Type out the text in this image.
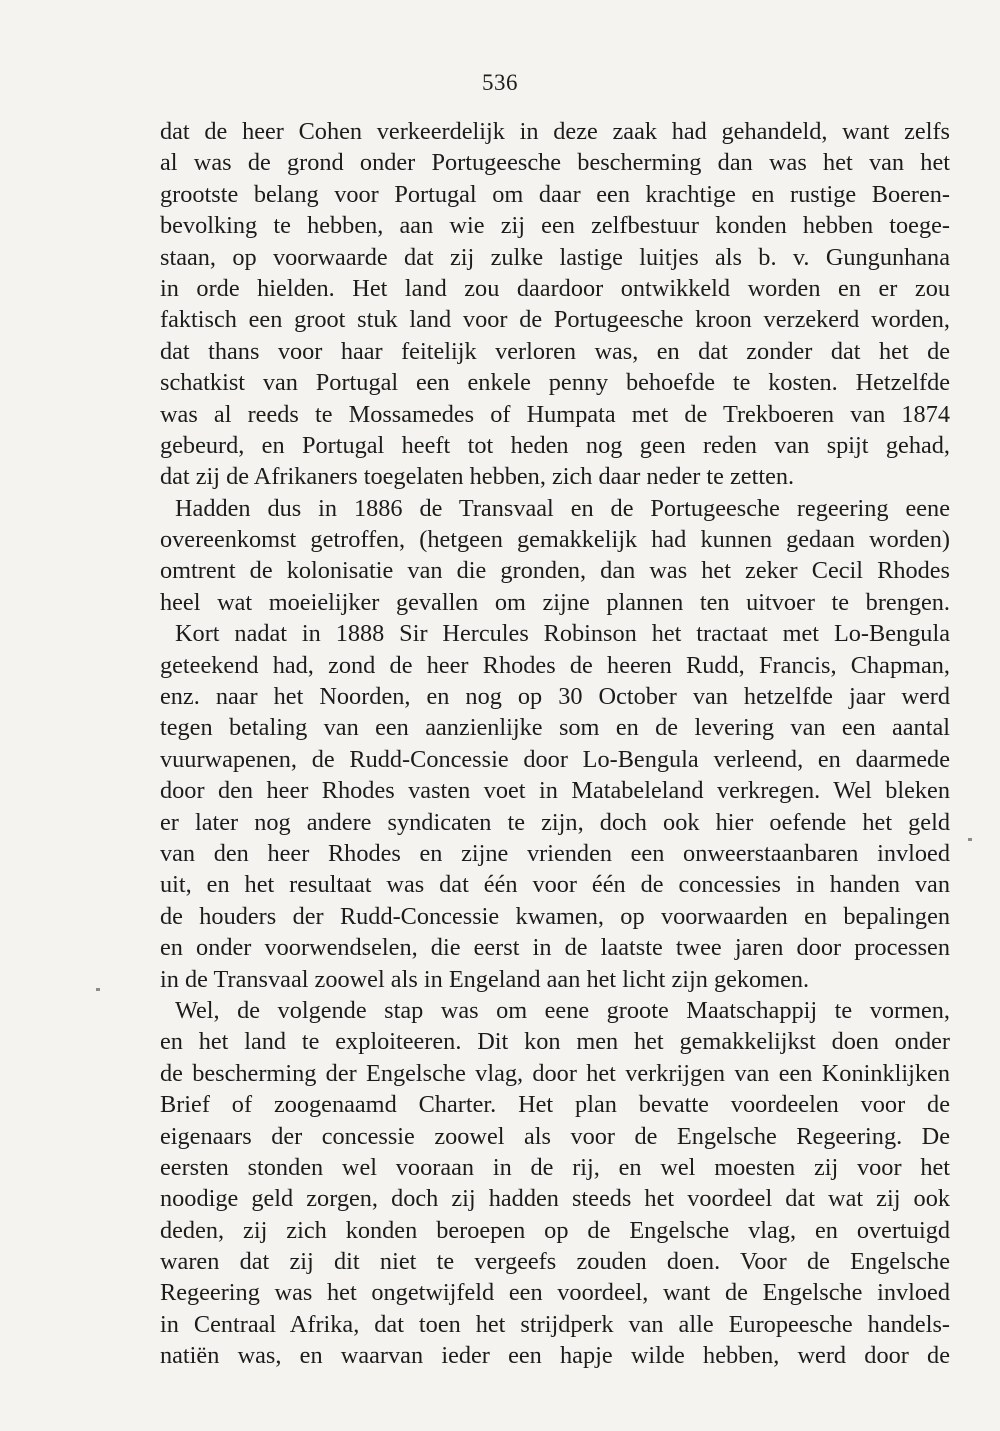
536
dat de heer Cohen verkeerdelijk in deze zaak had gehandeld, want zelfs
al was de grond onder Portugeesche bescherming dan was het van het
grootste belang voor Portugal om daar een krachtige en rustige Boeren-
bevolking te hebben, aan wie zij een zelfbestuur konden hebben toege-
staan, op voorwaarde dat zij zulke lastige luitjes als b. v. Gungunhana
in orde hielden. Het land zou daardoor ontwikkeld worden en er zou
faktisch een groot stuk land voor de Portugeesche kroon verzekerd worden,
dat thans voor haar feitelijk verloren was, en dat zonder dat het de
schatkist van Portugal een enkele penny behoefde te kosten. Hetzelfde
was al reeds te Mossamedes of Humpata met de Trekboeren van 1874
gebeurd, en Portugal heeft tot heden nog geen reden van spijt gehad,
dat zij de Afrikaners toegelaten hebben, zich daar neder te zetten.
Hadden dus in 1886 de Transvaal en de Portugeesche regeering eene
overeenkomst getroffen, (hetgeen gemakkelijk had kunnen gedaan worden)
omtrent de kolonisatie van die gronden, dan was het zeker Cecil Rhodes
heel wat moeielijker gevallen om zijne plannen ten uitvoer te brengen.
Kort nadat in 1888 Sir Hercules Robinson het tractaat met Lo-Bengula
geteekend had, zond de heer Rhodes de heeren Rudd, Francis, Chapman,
enz. naar het Noorden, en nog op 30 October van hetzelfde jaar werd
tegen betaling van een aanzienlijke som en de levering van een aantal
vuurwapenen, de Rudd-Concessie door Lo-Bengula verleend, en daarmede
door den heer Rhodes vasten voet in Matabeleland verkregen. Wel bleken
er later nog andere syndicaten te zijn, doch ook hier oefende het geld
van den heer Rhodes en zijne vrienden een onweerstaanbaren invloed
uit, en het resultaat was dat één voor één de concessies in handen van
de houders der Rudd-Concessie kwamen, op voorwaarden en bepalingen
en onder voorwendselen, die eerst in de laatste twee jaren door processen
in de Transvaal zoowel als in Engeland aan het licht zijn gekomen.
Wel, de volgende stap was om eene groote Maatschappij te vormen,
en het land te exploiteeren. Dit kon men het gemakkelijkst doen onder
de bescherming der Engelsche vlag, door het verkrijgen van een Koninklijken
Brief of zoogenaamd Charter. Het plan bevatte voordeelen voor de
eigenaars der concessie zoowel als voor de Engelsche Regeering. De
eersten stonden wel vooraan in de rij, en wel moesten zij voor het
noodige geld zorgen, doch zij hadden steeds het voordeel dat wat zij ook
deden, zij zich konden beroepen op de Engelsche vlag, en overtuigd
waren dat zij dit niet te vergeefs zouden doen. Voor de Engelsche
Regeering was het ongetwijfeld een voordeel, want de Engelsche invloed
in Centraal Afrika, dat toen het strijdperk van alle Europeesche handels-
natiën was, en waarvan ieder een hapje wilde hebben, werd door de
